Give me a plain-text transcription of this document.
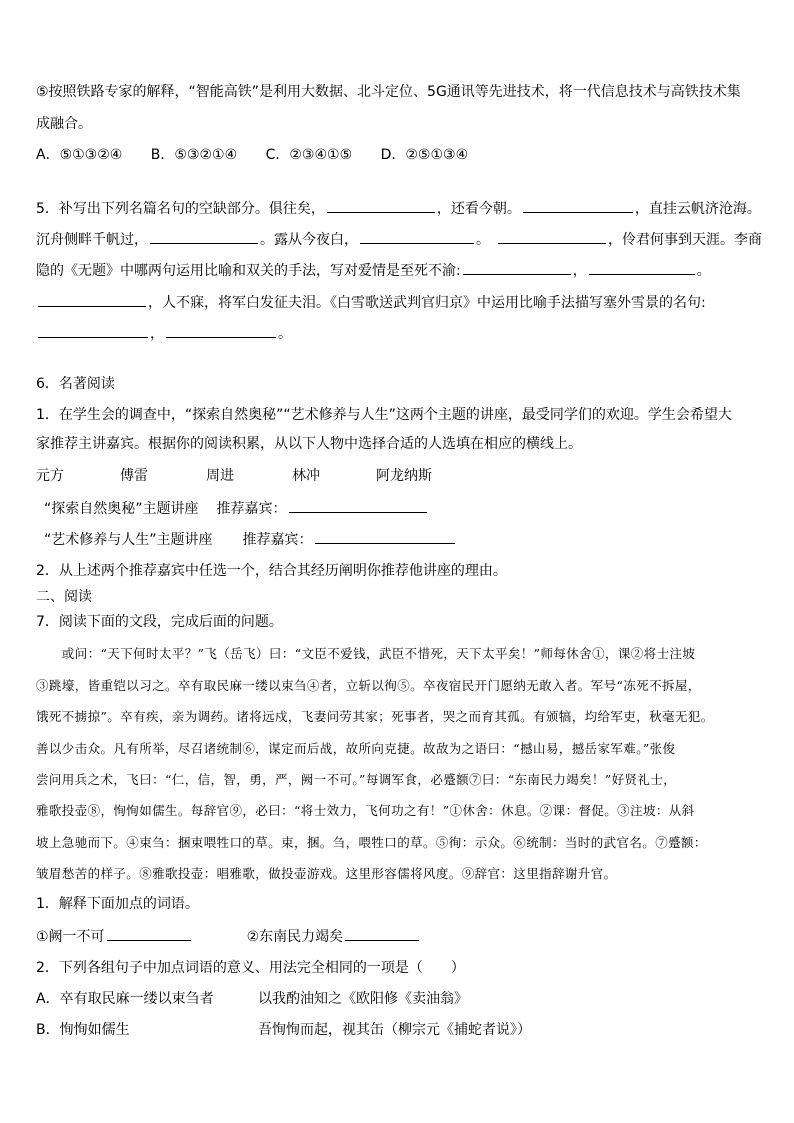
⑤按照铁路专家的解释，“智能高铁”是利用大数据、北斗定位、5G通讯等先进技术，将一代信息技术与高铁技术集
成融合。
A．⑤①③②④ B．⑤③②①④ C．②③④①⑤ D．②⑤①③④
5．补写出下列名篇名句的空缺部分。俱往矣，	，还看今朝。	，直挂云帆济沧海。
沉舟侧畔千帆过，	。露从今夜白，	。	，伶君何事到天涯。李商
隐的《无题》中哪两句运用比喻和双关的手法，写对爱情是至死不渝:	，	。
，人不寐，将军白发征夫泪。《白雪歌送武判官归京》中运用比喻手法描写塞外雪景的名句:
，	。
6．名著阅读
1．在学生会的调查中，“探索自然奥秘”“艺术修养与人生”这两个主题的讲座，最受同学们的欢迎。学生会希望大
家推荐主讲嘉宾。根据你的阅读积累，从以下人物中选择合适的人选填在相应的横线上。
元方	傅雷	周进	林冲	阿龙纳斯
“探索自然奥秘”主题讲座 推荐嘉宾：
“艺术修养与人生”主题讲座 推荐嘉宾：
2．从上述两个推荐嘉宾中任选一个，结合其经历阐明你推荐他讲座的理由。
二、阅读
7．阅读下面的文段，完成后面的问题。
　　或问：“天下何时太平？”飞（岳飞）曰：“文臣不爱钱，武臣不惜死，天下太平矣！”师每休舍①，课②将士注坡
③跳壕，皆重铠以习之。卒有取民麻一缕以束刍④者，立斩以徇⑤。卒夜宿民开门愿纳无敢入者。军号“冻死不拆屋，
饿死不掳掠”。卒有疾，亲为调药。诸将远戍，飞妻问劳其家；死事者，哭之而育其孤。有颁犒，均给军吏，秋毫无犯。
善以少击众。凡有所举，尽召诸统制⑥，谋定而后战，故所向克捷。故敌为之语曰：“撼山易，撼岳家军难。”张俊
尝问用兵之术，飞曰：“仁，信，智，勇，严，阙一不可。”每调军食，必蹙额⑦曰：“东南民力竭矣！”好贤礼士，
雅歌投壶⑧，恂恂如儒生。每辞官⑨，必曰：“将士效力，飞何功之有！”①休舍：休息。②课：督促。③注坡：从斜
坡上急驰而下。④束刍：捆束喂牲口的草。束，捆。刍，喂牲口的草。⑤徇：示众。⑥统制：当时的武官名。⑦蹙额：
皱眉愁苦的样子。⑧雅歌投壶：唱雅歌，做投壶游戏。这里形容儒将风度。⑨辞官：这里指辞谢升官。
1．解释下面加点的词语。
①阙一不可	②东南民力竭矣
2．下列各组句子中加点词语的意义、用法完全相同的一项是（　　）
A．卒有取民麻一缕以束刍者	以我酌油知之《欧阳修《卖油翁》
B．恂恂如儒生	吾恂恂而起，视其缶（柳宗元《捕蛇者说》）
